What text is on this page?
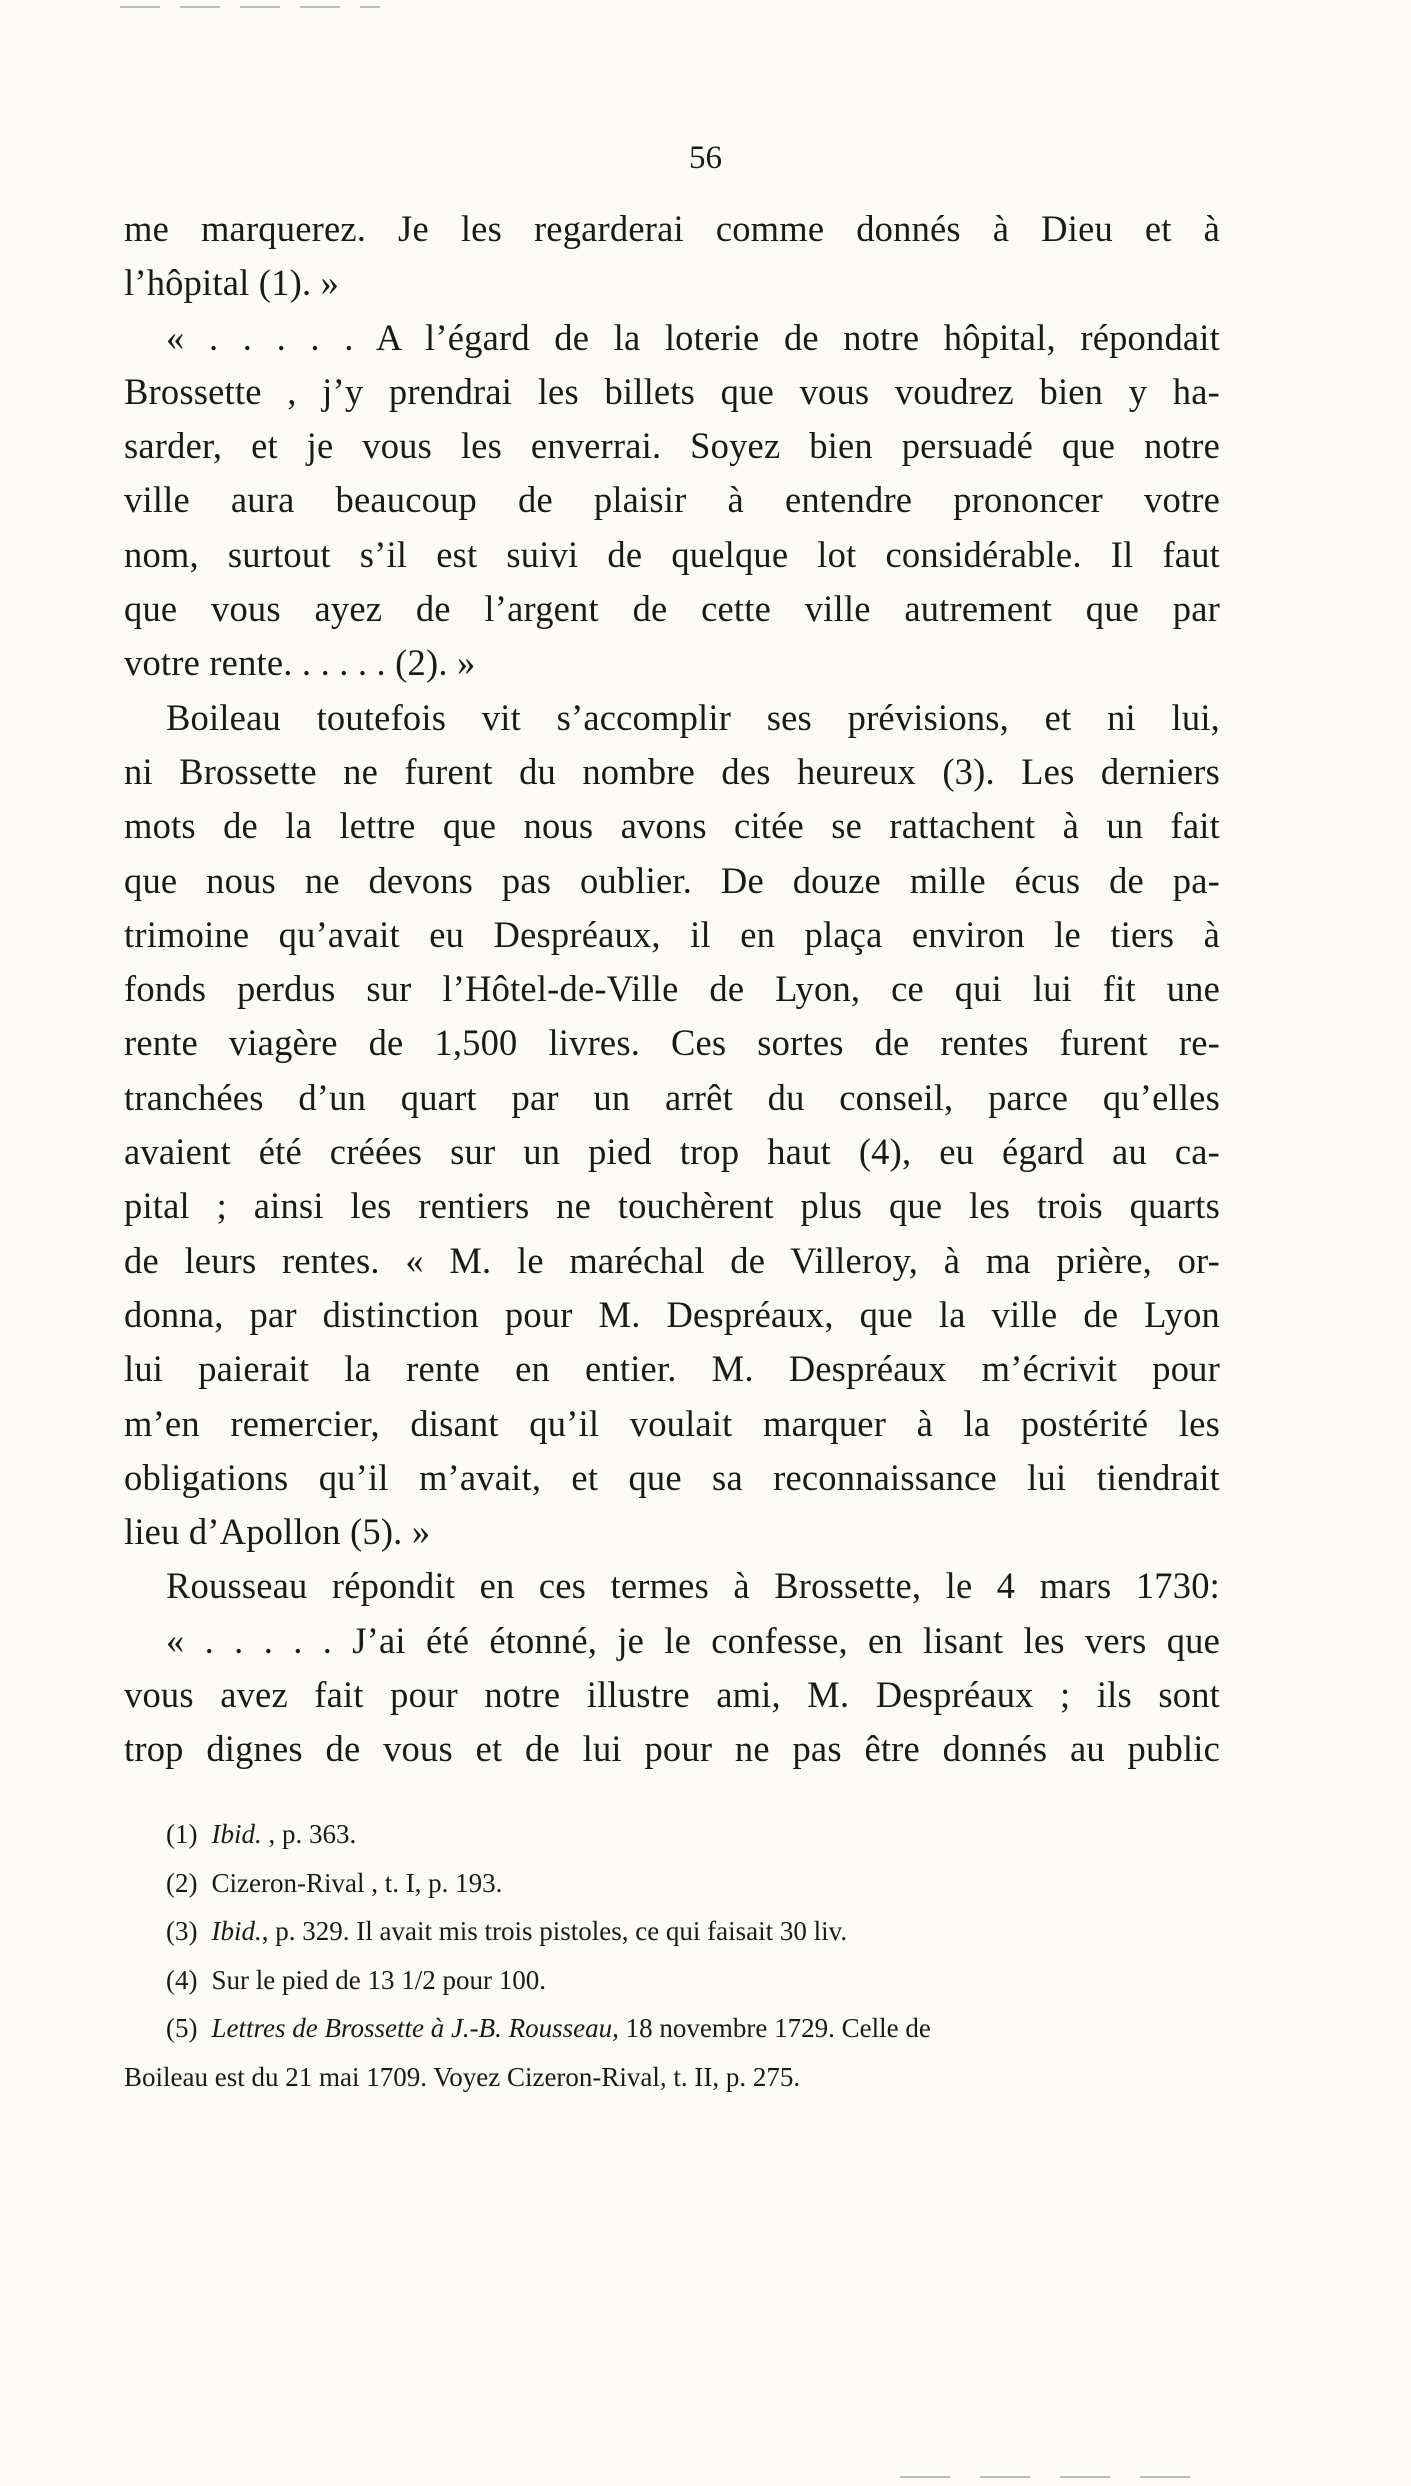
56
me marquerez. Je les regarderai comme donnés à Dieu et à
l’hôpital (1). »
« . . . . . A l’égard de la loterie de notre hôpital, répondait
Brossette , j’y prendrai les billets que vous voudrez bien y ha-
sarder, et je vous les enverrai. Soyez bien persuadé que notre
ville aura beaucoup de plaisir à entendre prononcer votre
nom, surtout s’il est suivi de quelque lot considérable. Il faut
que vous ayez de l’argent de cette ville autrement que par
votre rente. . . . . . (2). »
Boileau toutefois vit s’accomplir ses prévisions, et ni lui,
ni Brossette ne furent du nombre des heureux (3). Les derniers
mots de la lettre que nous avons citée se rattachent à un fait
que nous ne devons pas oublier. De douze mille écus de pa-
trimoine qu’avait eu Despréaux, il en plaça environ le tiers à
fonds perdus sur l’Hôtel-de-Ville de Lyon, ce qui lui fit une
rente viagère de 1,500 livres. Ces sortes de rentes furent re-
tranchées d’un quart par un arrêt du conseil, parce qu’elles
avaient été créées sur un pied trop haut (4), eu égard au ca-
pital ; ainsi les rentiers ne touchèrent plus que les trois quarts
de leurs rentes. « M. le maréchal de Villeroy, à ma prière, or-
donna, par distinction pour M. Despréaux, que la ville de Lyon
lui paierait la rente en entier. M. Despréaux m’écrivit pour
m’en remercier, disant qu’il voulait marquer à la postérité les
obligations qu’il m’avait, et que sa reconnaissance lui tiendrait
lieu d’Apollon (5). »
Rousseau répondit en ces termes à Brossette, le 4 mars 1730:
« . . . . . J’ai été étonné, je le confesse, en lisant les vers que
vous avez fait pour notre illustre ami, M. Despréaux ; ils sont
trop dignes de vous et de lui pour ne pas être donnés au public
(1) Ibid. , p. 363.
(2) Cizeron-Rival , t. I, p. 193.
(3) Ibid., p. 329. Il avait mis trois pistoles, ce qui faisait 30 liv.
(4) Sur le pied de 13 1/2 pour 100.
(5) Lettres de Brossette à J.-B. Rousseau, 18 novembre 1729. Celle de
Boileau est du 21 mai 1709. Voyez Cizeron-Rival, t. II, p. 275.
